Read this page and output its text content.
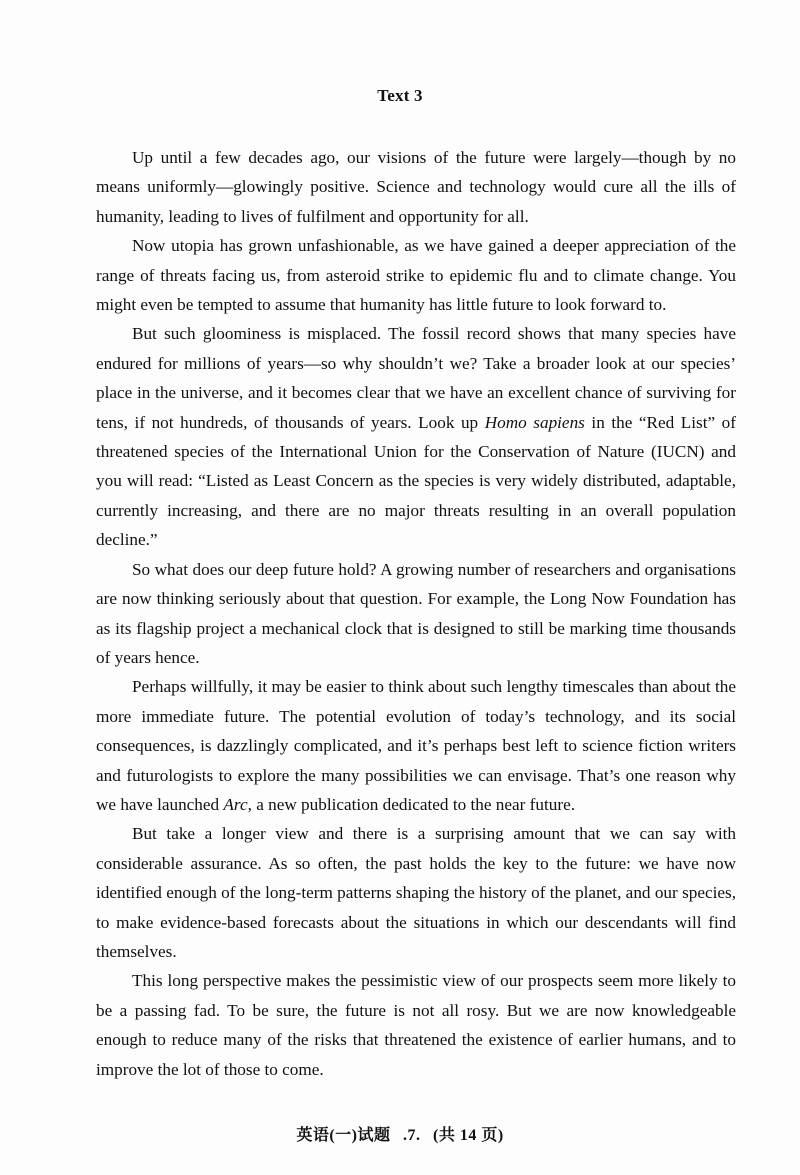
Text 3

Up until a few decades ago, our visions of the future were largely—though by no means uniformly—glowingly positive. Science and technology would cure all the ills of humanity, leading to lives of fulfilment and opportunity for all.

Now utopia has grown unfashionable, as we have gained a deeper appreciation of the range of threats facing us, from asteroid strike to epidemic flu and to climate change. You might even be tempted to assume that humanity has little future to look forward to.

But such gloominess is misplaced. The fossil record shows that many species have endured for millions of years—so why shouldn’t we? Take a broader look at our species’ place in the universe, and it becomes clear that we have an excellent chance of surviving for tens, if not hundreds, of thousands of years. Look up Homo sapiens in the “Red List” of threatened species of the International Union for the Conservation of Nature (IUCN) and you will read: “Listed as Least Concern as the species is very widely distributed, adaptable, currently increasing, and there are no major threats resulting in an overall population decline.”

So what does our deep future hold? A growing number of researchers and organisations are now thinking seriously about that question. For example, the Long Now Foundation has as its flagship project a mechanical clock that is designed to still be marking time thousands of years hence.

Perhaps willfully, it may be easier to think about such lengthy timescales than about the more immediate future. The potential evolution of today’s technology, and its social consequences, is dazzlingly complicated, and it’s perhaps best left to science fiction writers and futurologists to explore the many possibilities we can envisage. That’s one reason why we have launched Arc, a new publication dedicated to the near future.

But take a longer view and there is a surprising amount that we can say with considerable assurance. As so often, the past holds the key to the future: we have now identified enough of the long-term patterns shaping the history of the planet, and our species, to make evidence-based forecasts about the situations in which our descendants will find themselves.

This long perspective makes the pessimistic view of our prospects seem more likely to be a passing fad. To be sure, the future is not all rosy. But we are now knowledgeable enough to reduce many of the risks that threatened the existence of earlier humans, and to improve the lot of those to come.

英语(一)试题 .7. (共 14 页)
